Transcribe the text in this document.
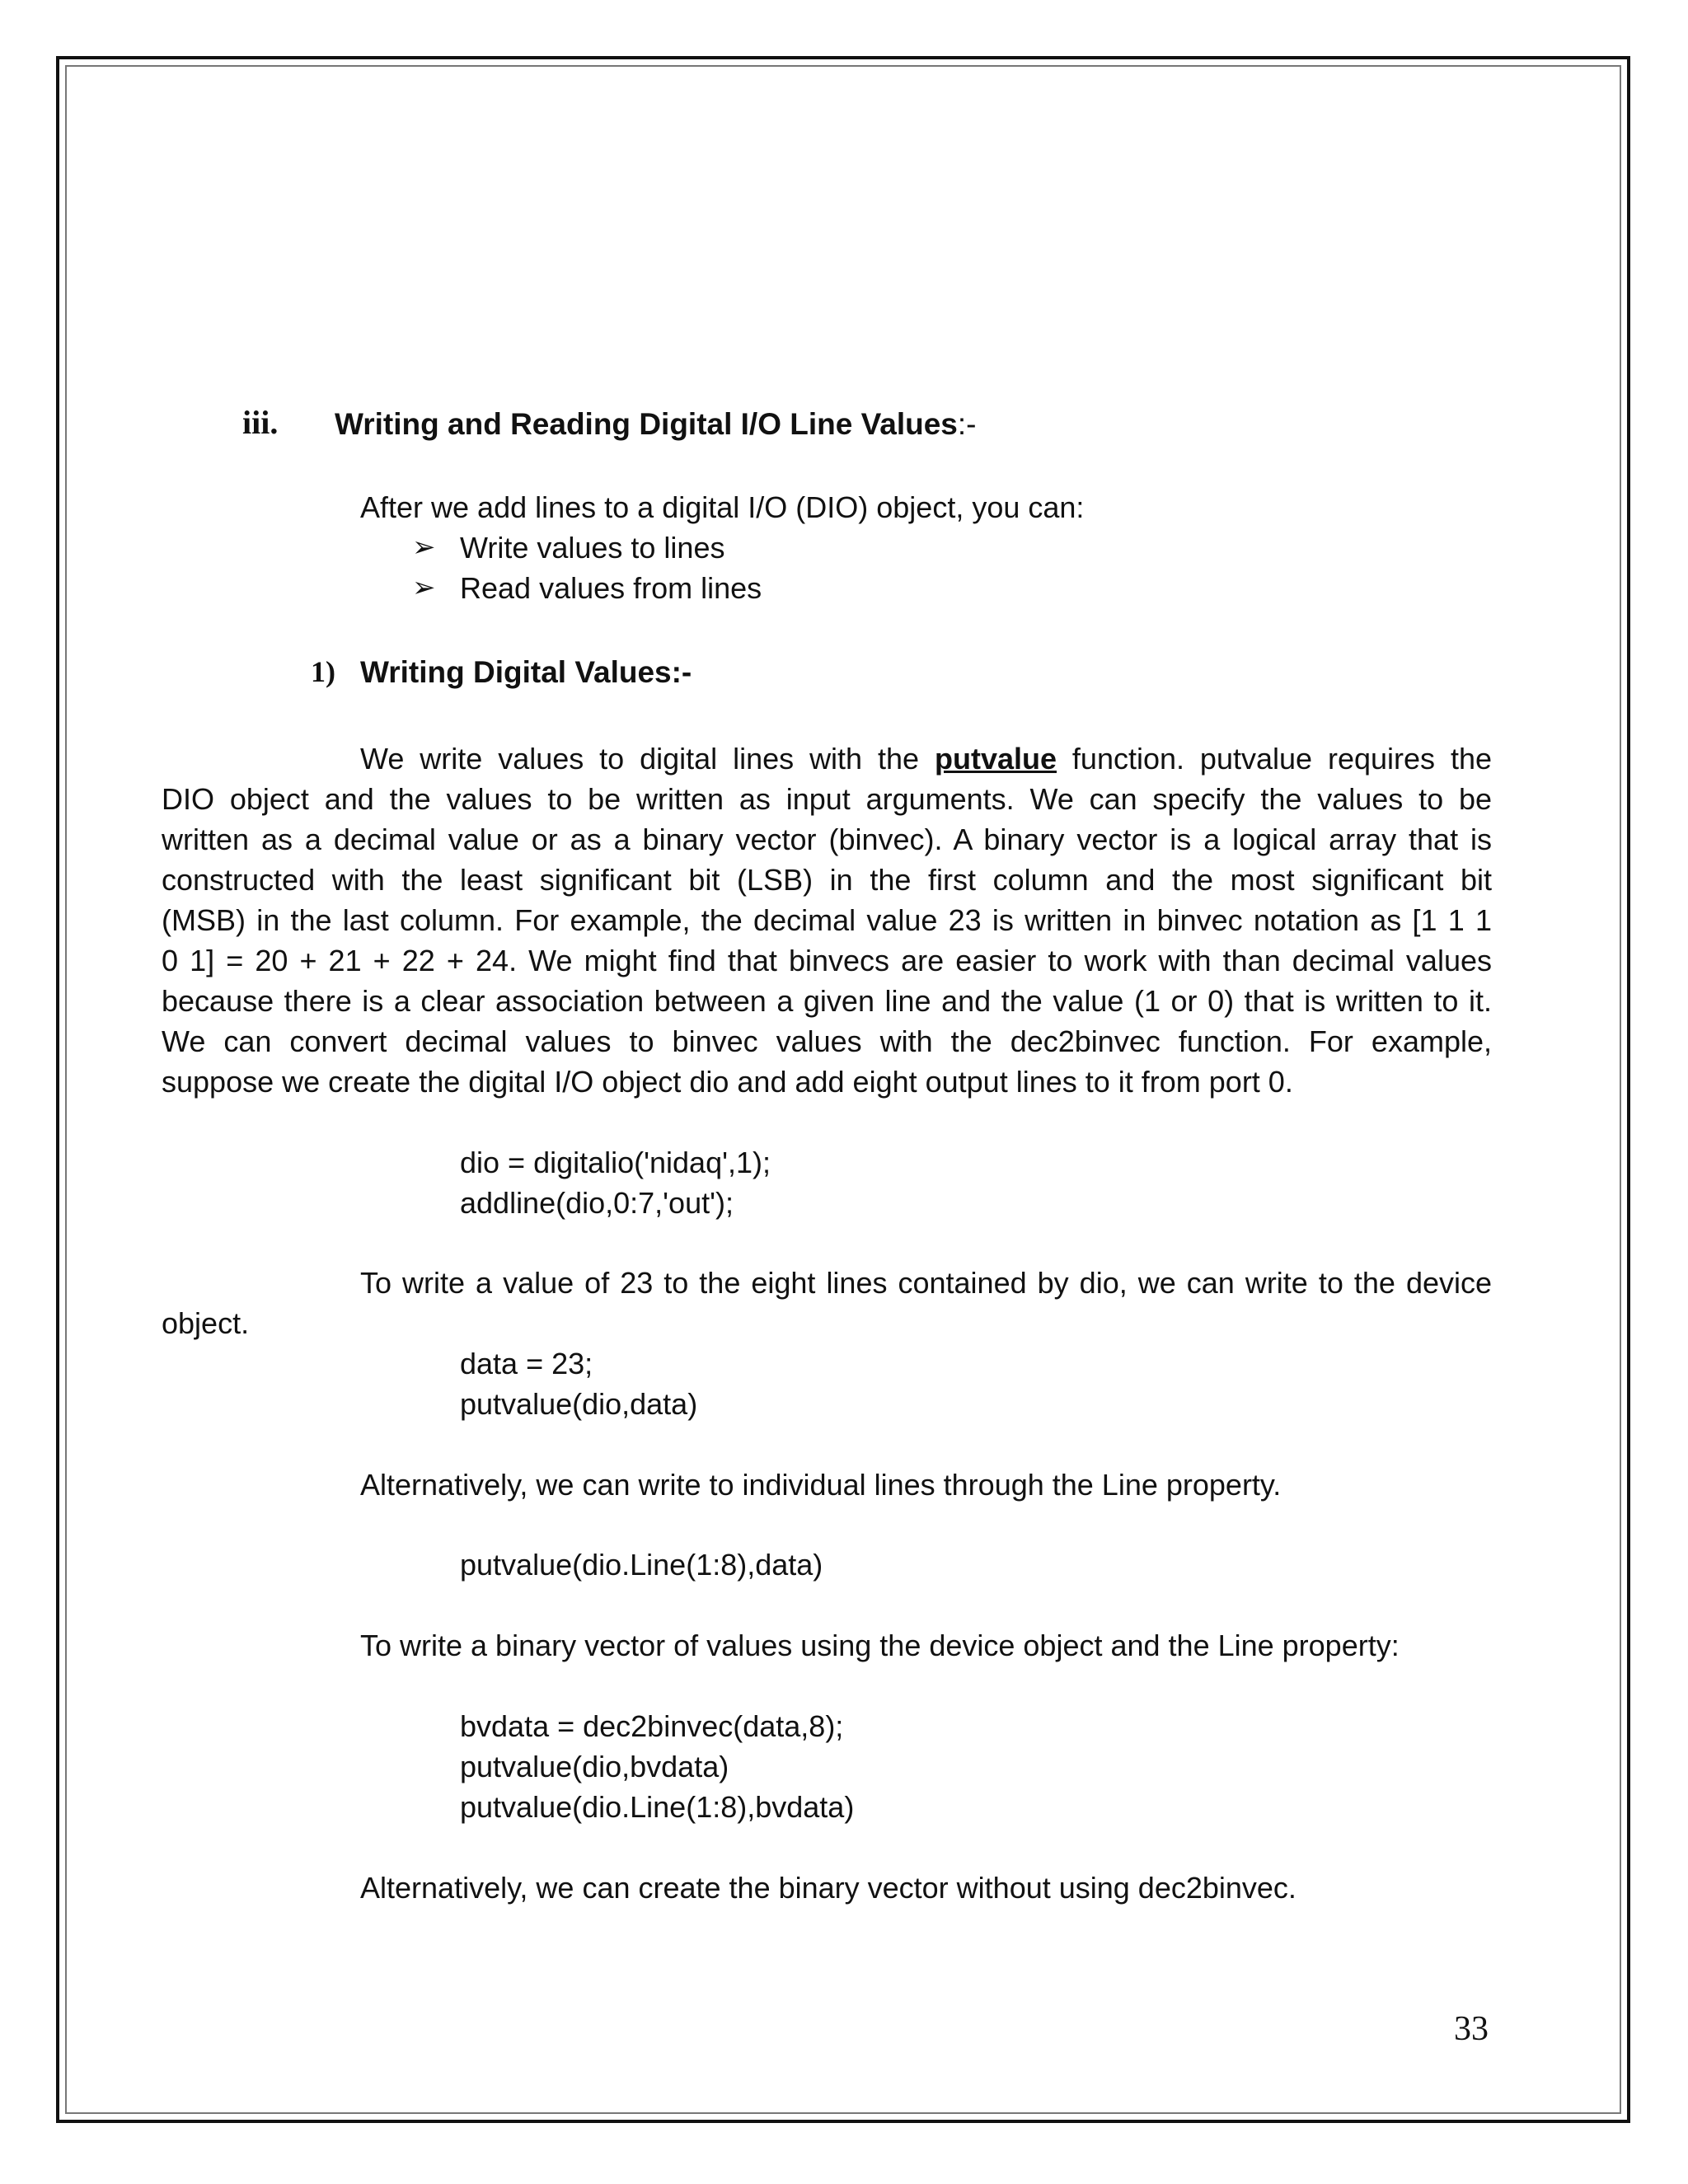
iii. Writing and Reading Digital I/O Line Values:-
After we add lines to a digital I/O (DIO) object, you can:
➢ Write values to lines
➢ Read values from lines
1) Writing Digital Values:-
We write values to digital lines with the putvalue function. putvalue requires the
DIO object and the values to be written as input arguments. We can specify the values to be
written as a decimal value or as a binary vector (binvec). A binary vector is a logical array that is
constructed with the least significant bit (LSB) in the first column and the most significant bit
(MSB) in the last column. For example, the decimal value 23 is written in binvec notation as [1 1 1
0 1] = 20 + 21 + 22 + 24. We might find that binvecs are easier to work with than decimal values
because there is a clear association between a given line and the value (1 or 0) that is written to it.
We can convert decimal values to binvec values with the dec2binvec function. For example,
suppose we create the digital I/O object dio and add eight output lines to it from port 0.
dio = digitalio('nidaq',1);
addline(dio,0:7,'out');
To write a value of 23 to the eight lines contained by dio, we can write to the device
object.
data = 23;
putvalue(dio,data)
Alternatively, we can write to individual lines through the Line property.
putvalue(dio.Line(1:8),data)
To write a binary vector of values using the device object and the Line property:
bvdata = dec2binvec(data,8);
putvalue(dio,bvdata)
putvalue(dio.Line(1:8),bvdata)
Alternatively, we can create the binary vector without using dec2binvec.
33
